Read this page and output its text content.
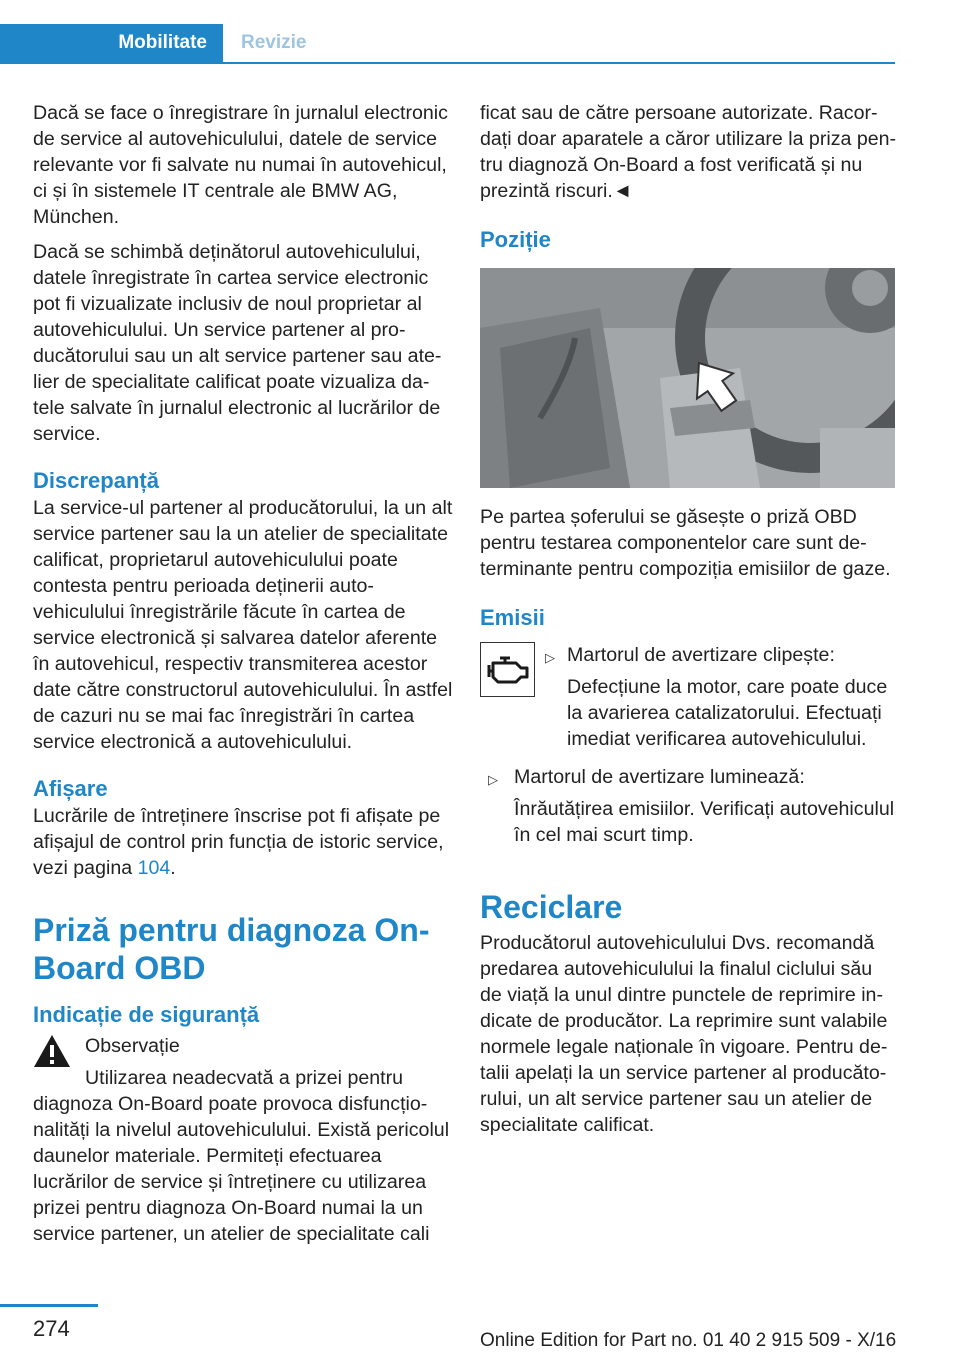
Mobilitate	Revizie

Dacă se face o înregistrare în jurnalul electronic de service al autovehiculului, datele de service relevante vor fi salvate nu numai în autovehicul, ci și în sistemele IT centrale ale BMW AG, München.

Dacă se schimbă deținătorul autovehiculului, datele înregistrate în cartea service electronic pot fi vizualizate inclusiv de noul proprietar al autovehiculului. Un service partener al producătorului sau un alt service partener sau atelier de specialitate calificat poate vizualiza datele salvate în jurnalul electronic al lucrărilor de service.

Discrepanță

La service-ul partener al producătorului, la un alt service partener sau la un atelier de specialitate calificat, proprietarul autovehiculului poate contesta pentru perioada deținerii autovehiculului înregistrările făcute în cartea de service electronică și salvarea datelor aferente în autovehicul, respectiv transmiterea acestor date către constructorul autovehiculului. În astfel de cazuri nu se mai fac înregistrări în cartea service electronică a autovehiculului.

Afișare

Lucrările de întreținere înscrise pot fi afișate pe afișajul de control prin funcția de istoric service, vezi pagina 104.

Priză pentru diagnoza On-Board OBD
Indicație de siguranță
Observație
Utilizarea neadecvată a prizei pentru

diagnoza On-Board poate provoca disfuncționalități la nivelul autovehiculului. Există pericolul daunelor materiale. Permiteți efectuarea lucrărilor de service și întreținere cu utilizarea prizei pentru diagnoza On-Board numai la un service partener, un atelier de specialitate cali

ficat sau de către persoane autorizate. Racordați doar aparatele a căror utilizare la priza pentru diagnoză On-Board a fost verificată și nu prezintă riscuri.◄

Poziție

Pe partea șoferului se găsește o priză OBD pentru testarea componentelor care sunt determinante pentru compoziția emisiilor de gaze.

Emisii
▷ Martorul de avertizare clipește:
Defecțiune la motor, care poate duce la avarierea catalizatorului. Efectuați imediat verificarea autovehiculului.
▷ Martorul de avertizare luminează:
Înrăutățirea emisiilor. Verificați autovehiculul în cel mai scurt timp.
Reciclare

Producătorul autovehiculului Dvs. recomandă predarea autovehiculului la finalul ciclului său de viață la unul dintre punctele de reprimire indicate de producător. La reprimire sunt valabile normele legale naționale în vigoare. Pentru detalii apelați la un service partener al producătorului, un alt service partener sau un atelier de specialitate calificat.

274	Online Edition for Part no. 01 40 2 915 509 - X/16
